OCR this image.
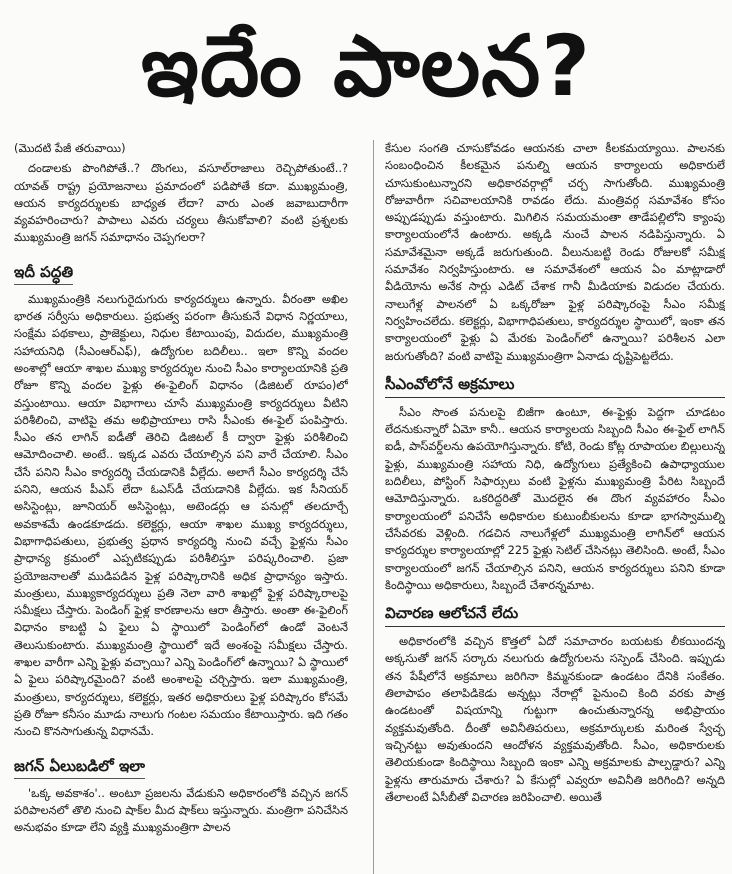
ఇదేం పాలన?
(మొదటి పేజీ తరువాయి)

దండాలకు పొంగిపోతే..? దొంగలు, వసూల్‌రాజాలు రెచ్చిపోతుంటే..? యావత్ రాష్ట్ర ప్రయోజనాలు ప్రమాదంలో పడిపోతే కదా. ముఖ్యమంత్రి, ఆయన కార్యదర్శులకు బాధ్యత లేదా? వారు ఎంత జవాబుదారీగా వ్యవహరించారు? పాపాలు ఎవరు చర్యలు తీసుకోవాలి? వంటి ప్రశ్నలకు ముఖ్యమంత్రి జగన్ సమాధానం చెప్పగలరా?

ఇదీ పద్ధతి

ముఖ్యమంత్రికి నలుగురైదుగురు కార్యదర్శులు ఉన్నారు. వీరంతా అఖిల భారత సర్వీసు అధికారులు. ప్రభుత్వ పరంగా తీసుకునే విధాన నిర్ణయాలు, సంక్షేమ పథకాలు, ప్రాజెక్టులు, నిధుల కేటాయింపు, విదుదల, ముఖ్యమంత్రి సహాయనిధి (సీఎంఆర్ఎఫ్), ఉద్యోగుల బదిలీలు.. ఇలా కొన్ని వందల అంశాల్లో ఆయా శాఖల ముఖ్య కార్యదర్శుల నుంచి సీఎం కార్యాలయానికి ప్రతి రోజూ కొన్ని వందల ఫైళ్లు ఈ-ఫైలింగ్ విధానం (డిజిటల్ రూపం)లో వస్తుంటాయి. ఆయా విభాగాలు చూసే ముఖ్యమంత్రి కార్యదర్శులు వీటిని పరిశీలించి, వాటిపై తమ అభిప్రాయాలు రాసి సీఎంకు ఈ-ఫైల్ పంపిస్తారు. సీఎం తన లాగిన్ ఐడీతో తెరిచి డిజిటల్ కీ ద్వారా ఫైళ్లు పరిశీలించి ఆమోదించాలి. అంటే.. ఇక్కడ ఎవరు చేయాల్సిన పని వారే చేయాలి. సీఎం చేసే పనిని సీఎం కార్యదర్శి చేయడానికి వీల్లేదు. అలాగే సీఎం కార్యదర్శి చేసే పనిని, ఆయన పీఎస్ లేదా ఓఎస్‌డీ చేయడానికి వీల్లేదు. ఇక సీనియర్ అసిస్టెంట్లు, జూనియర్ అసిస్టెంట్లు, అటెండర్లు ఆ పనుల్లో తలదూర్చే అవకాశమే ఉండకూడదు. కలెక్టర్లు, ఆయా శాఖల ముఖ్య కార్యదర్శులు, విభాగాధిపతులు, ప్రభుత్వ ప్రధాన కార్యదర్శి నుంచి వచ్చే ఫైళ్లను సీఎం ప్రాధాన్య క్రమంలో ఎప్పటికప్పుడు పరిశీలిస్తూ పరిష్కరించాలి. ప్రజా ప్రయోజనాలతో ముడిపడిన ఫైళ్ల పరిష్కారానికి అధిక ప్రాధాన్యం ఇస్తారు. మంత్రులు, ముఖ్యకార్యదర్శులు ప్రతి నెలా వారి శాఖల్లో ఫైళ్ల పరిష్కారాలపై సమీక్షలు చేస్తారు. పెండింగ్ ఫైళ్ల కారణాలను ఆరా తీస్తారు. అంతా ఈ-ఫైలింగ్ విధానం కాబట్టి ఏ ఫైలు ఏ స్థాయిలో పెండింగ్‌లో ఉండో వెంటనే తెలుసుకుంటారు. ముఖ్యమంత్రి స్థాయిలో ఇదే అంశంపై సమీక్షలు చేస్తారు. శాఖల వారీగా ఎన్ని ఫైళ్లు వచ్చాయి? ఎన్ని పెండింగ్‌లో ఉన్నాయి? ఏ స్థాయిలో ఏ ఫైలు పరిష్కారమైంది? వంటి అంశాలపై చర్చిస్తారు. ఇలా ముఖ్యమంత్రి, మంత్రులు, కార్యదర్శులు, కలెక్టర్లు, ఇతర అధికారులు ఫైళ్ల పరిష్కారం కోసమే ప్రతి రోజూ కనీసం మూడు నాలుగు గంటల సమయం కేటాయిస్తారు. ఇది గతం నుంచి కొనసాగుతున్న విధానమే.

జగన్ ఏలుబడిలో ఇలా

'ఒక్క అవకాశం'.. అంటూ ప్రజలను వేడుకుని అధికారంలోకి వచ్చిన జగన్ పరిపాలనలో తొలి నుంచి షాక్‌ల మీద షాక్‌లు ఇస్తున్నారు. మంత్రిగా పనిచేసిన అనుభవం కూడా లేని వ్యక్తి ముఖ్యమంత్రిగా పాలన

కేసుల సంగతి చూసుకోవడం ఆయనకు చాలా కీలకమయ్యాయి. పాలనకు సంబంధించిన కీలకమైన పనుల్ని ఆయన కార్యాలయ అధికారులే చూసుకుంటున్నారని అధికారవర్గాల్లో చర్చ సాగుతోంది. ముఖ్యమంత్రి రోజువారీగా సచివాలయానికి రావడం లేదు. మంత్రివర్గ సమావేశం కోసం అప్పుడప్పుడు వస్తుంటారు. మిగిలిన సమయమంతా తాడేపల్లిలోని క్యాంపు కార్యాలయంలోనే ఉంటారు. అక్కడి నుంచే పాలన నడిపిస్తున్నారు. ఏ సమావేశమైనా అక్కడే జరుగుతుంది. వీలునుబట్టి రెండు రోజులకో సమీక్ష సమావేశం నిర్వహిస్తుంటారు. ఆ సమావేశంలో ఆయన ఏం మాట్లాడారో వీడియోను అనేక సార్లు ఎడిట్ చేశాక గానీ మీడియాకు విడుదల చేయరు. నాలుగేళ్ల పాలనలో ఏ ఒక్కరోజూ ఫైళ్ల పరిష్కారంపై సీఎం సమీక్ష నిర్వహించలేదు. కలెక్టర్లు, విభాగాధిపతులు, కార్యదర్శుల స్థాయిలో, ఇంకా తన కార్యాలయంలో ఫైళ్లు ఏ మేరకు పెండింగ్‌లో ఉన్నాయి? పరిశీలన ఎలా జరుగుతోంది? వంటి వాటిపై ముఖ్యమంత్రిగా ఏనాడు దృష్టిపెట్టలేదు.

సీఎంవోలోనే అక్రమాలు

సీఎం సొంత పనులపై బిజీగా ఉంటూ, ఈ-ఫైళ్లు పెద్దగా చూడటం లేదనుకున్నారో ఏమో కానీ.. ఆయన కార్యాలయ సిబ్బంది సీఎం ఈ-ఫైల్ లాగిన్ ఐడీ, పాస్‌వర్డ్‌లను ఉపయోగిస్తున్నారు. కోటి, రెండు కోట్ల రూపాయల బిల్లులున్న ఫైళ్లు, ముఖ్యమంత్రి సహాయ నిధి, ఉద్యోగులు ప్రత్యేకించి ఉపాధ్యాయుల బదిలీలు, పోస్టింగ్ సిఫార్సులు వంటి ఫైళ్లను ముఖ్యమంత్రి పేరిట సిబ్బందే ఆమోదిస్తున్నారు. ఒకరిద్దరితో మొదలైన ఈ దొంగ వ్యవహారం సీఎం కార్యాలయంలో పనిచేసే అధికారుల కుటుంబీకులను కూడా భాగస్వాముల్ని చేసేవరకు వెళ్లింది. గడచిన నాలుగేళ్లలో ముఖ్యమంత్రి లాగిన్‌లో ఆయన కార్యదర్శుల కార్యాలయాల్లో 225 ఫైళ్లు సెటిల్ చేసినట్లు తెలిసింది. అంటే, సీఎం కార్యాలయంలో జగన్ చేయాల్సిన పనిని, ఆయన కార్యదర్శులు పనిని కూడా కిందిస్థాయి అధికారులు, సిబ్బందే చేశారన్నమాట.

విచారణ ఆలోచనే లేదు

అధికారంలోకి వచ్చిన కొత్తలో ఏదో సమాచారం బయటకు లీకయిందన్న అక్కసుతో జగన్ సర్కారు నలుగురు ఉద్యోగులను సస్పెండ్ చేసింది. ఇప్పుడు తన పేషీలోనే అక్రమాలు జరిగినా కిమ్మనకుండా ఉండటం దేనికి సంకేతం. తిలాపాపం తలాపిడికెడు అన్నట్లు నేరాల్లో పైనుంచి కింది వరకు పాత్ర ఉండటంతో విషయాన్ని గుట్టుగా ఉంచుతున్నారన్న అభిప్రాయం వ్యక్తమవుతోంది. దీంతో అవినీతిపరులు, అక్రమార్కులకు మరింత స్వేచ్ఛ ఇచ్చినట్టు అవుతుందని ఆందోళన వ్యక్తమవుతోంది. సీఎం, అధికారులకు తెలియకుండా కిందిస్థాయి సిబ్బంది ఇంకా ఎన్ని అక్రమాలకు పాల్పడ్డారు? ఎన్ని ఫైళ్లను తారుమారు చేశారు? ఏ కేసుల్లో ఎవ్వరూ అవినీతి జరిగింది? అన్నది తేలాలంటే ఏసీబీతో విచారణ జరిపించాలి. అయితే
